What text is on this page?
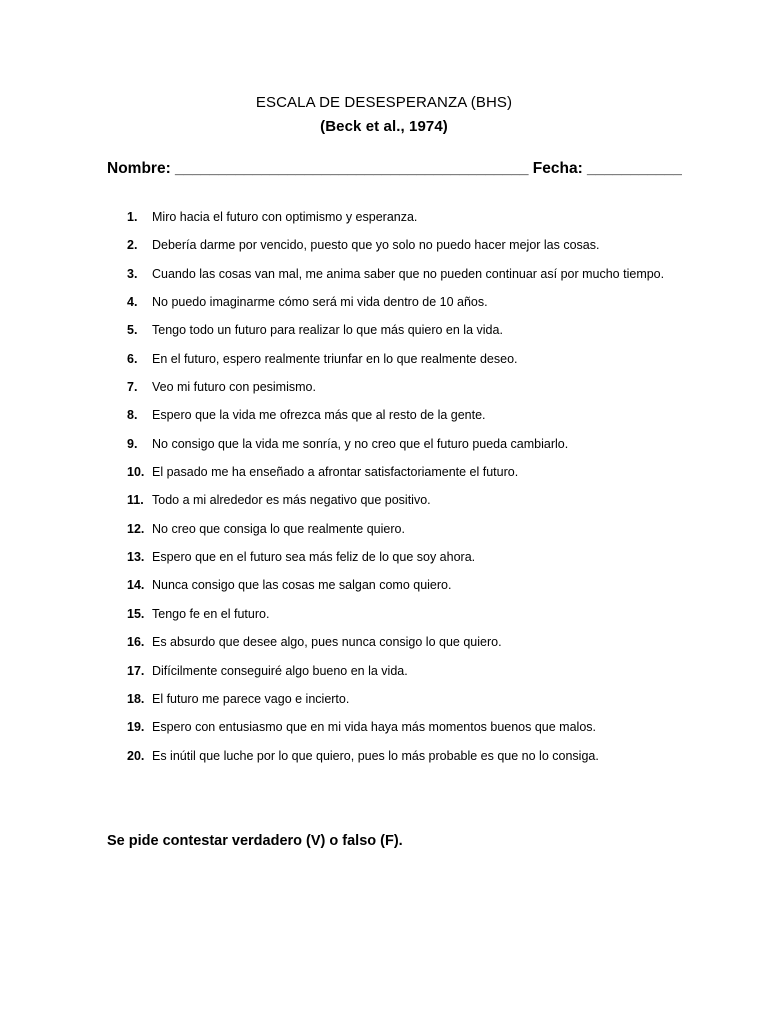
ESCALA DE DESESPERANZA (BHS)
(Beck et al., 1974)
Nombre: _________________________________________ Fecha: ___________
1.	Miro hacia el futuro con optimismo y esperanza.
2.	Debería darme por vencido, puesto que yo solo no puedo hacer mejor las cosas.
3.	Cuando las cosas van mal, me anima saber que no pueden continuar así por mucho tiempo.
4.	No puedo imaginarme cómo será mi vida dentro de 10 años.
5.	Tengo todo un futuro para realizar lo que más quiero en la vida.
6.	En el futuro, espero realmente triunfar en lo que realmente deseo.
7.	Veo mi futuro con pesimismo.
8.	Espero que la vida me ofrezca más que al resto de la gente.
9.	No consigo que la vida me sonría, y no creo que el futuro pueda cambiarlo.
10. El pasado me ha enseñado a afrontar satisfactoriamente el futuro.
11. Todo a mi alrededor es más negativo que positivo.
12. No creo que consiga lo que realmente quiero.
13. Espero que en el futuro sea más feliz de lo que soy ahora.
14. Nunca consigo que las cosas me salgan como quiero.
15. Tengo fe en el futuro.
16. Es absurdo que desee algo, pues nunca consigo lo que quiero.
17. Difícilmente conseguiré algo bueno en la vida.
18. El futuro me parece vago e incierto.
19. Espero con entusiasmo que en mi vida haya más momentos buenos que malos.
20. Es inútil que luche por lo que quiero, pues lo más probable es que no lo consiga.
Se pide contestar verdadero (V) o falso (F).
